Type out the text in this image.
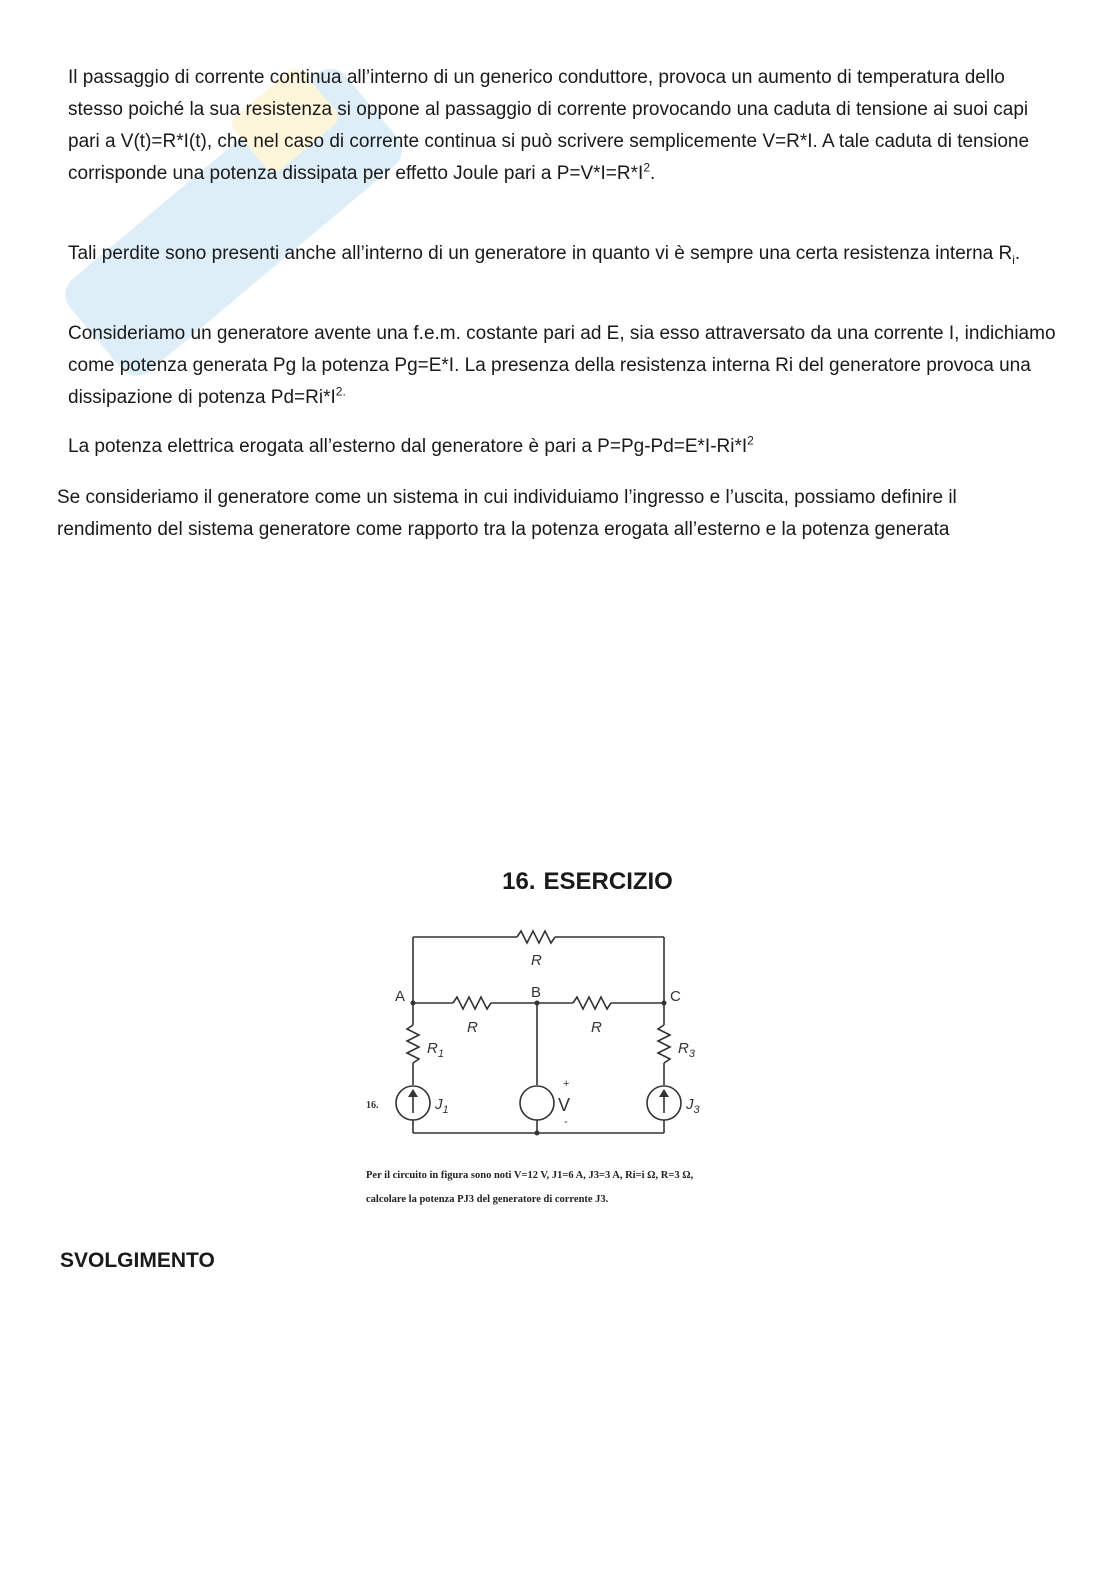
Il passaggio di corrente continua all’interno di un generico conduttore, provoca un aumento di temperatura dello stesso poiché la sua resistenza si oppone al passaggio di corrente provocando una caduta di tensione ai suoi capi pari a V(t)=R*I(t), che nel caso di corrente continua si può scrivere semplicemente V=R*I. A tale caduta di tensione corrisponde una potenza dissipata per effetto Joule pari a $P=V*I=R*I^2$.

Tali perdite sono presenti anche all’interno di un generatore in quanto vi è sempre una certa resistenza interna $R_i$.

Consideriamo un generatore avente una f.e.m. costante pari ad E, sia esso attraversato da una corrente I, indichiamo come potenza generata Pg la potenza Pg=E*I. La presenza della resistenza interna Ri del generatore provoca una dissipazione di potenza $Pd=Ri*I^{2.}$

La potenza elettrica erogata all’esterno dal generatore è pari a $P=Pg-Pd=E*I-Ri*I^2$

Se consideriamo il generatore come un sistema in cui individuiamo l’ingresso e l’uscita, possiamo definire il rendimento del sistema generatore come rapporto tra la potenza erogata all’esterno e la potenza generata

16. ESERCIZIO
R
R	R
$R_1$	$R_3$
$J_1$	$J_3$
A	B	C
V
+
-
16.

Per il circuito in figura sono noti V=12 V, J1=6 A, J3=3 A, Ri=i Ω, R=3 Ω,

calcolare la potenza PJ3 del generatore di corrente J3.

SVOLGIMENTO
